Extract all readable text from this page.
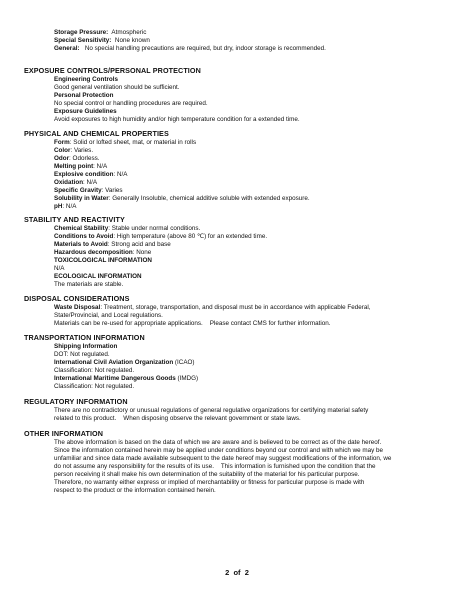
Storage Pressure: Atmospheric
Special Sensitivity: None known
General: No special handling precautions are required, but dry, indoor storage is recommended.
EXPOSURE CONTROLS/PERSONAL PROTECTION
Engineering Controls
Good general ventilation should be sufficient.
Personal Protection
No special control or handling procedures are required.
Exposure Guidelines
Avoid exposures to high humidity and/or high temperature condition for a extended time.
PHYSICAL AND CHEMICAL PROPERTIES
Form: Solid or lofted sheet, mat, or material in rolls
Color: Varies.
Odor: Odorless.
Melting point: N/A
Explosive condition: N/A
Oxidation: N/A
Specific Gravity: Varies
Solubility in Water: Generally Insoluble, chemical additive soluble with extended exposure.
pH: N/A
STABILITY AND REACTIVITY
Chemical Stability: Stable under normal conditions.
Conditions to Avoid: High temperature (above 80 ℃) for an extended time.
Materials to Avoid: Strong acid and base
Hazardous decomposition: None
TOXICOLOGICAL INFORMATION
N/A
ECOLOGICAL INFORMATION
The materials are stable.
DISPOSAL CONSIDERATIONS
Waste Disposal: Treatment, storage, transportation, and disposal must be in accordance with applicable Federal,
State/Provincial, and Local regulations.
Materials can be re-used for appropriate applications.    Please contact CMS for further information.
TRANSPORTATION INFORMATION
Shipping Information
DOT: Not regulated.
International Civil Aviation Organization (ICAO)
Classification: Not regulated.
International Maritime Dangerous Goods (IMDG)
Classification: Not regulated.
REGULATORY INFORMATION
There are no contradictory or unusual regulations of general regulative organizations for certifying material safety
related to this product.    When disposing observe the relevant government or state laws.
OTHER INFORMATION
The above information is based on the data of which we are aware and is believed to be correct as of the date hereof.
Since the information contained herein may be applied under conditions beyond our control and with which we may be
unfamiliar and since data made available subsequent to the date hereof may suggest modifications of the information, we
do not assume any responsibility for the results of its use.    This information is furnished upon the condition that the
person receiving it shall make his own determination of the suitability of the material for his particular purpose.
Therefore, no warranty either express or implied of merchantability or fitness for particular purpose is made with
respect to the product or the information contained herein.
2  of  2
